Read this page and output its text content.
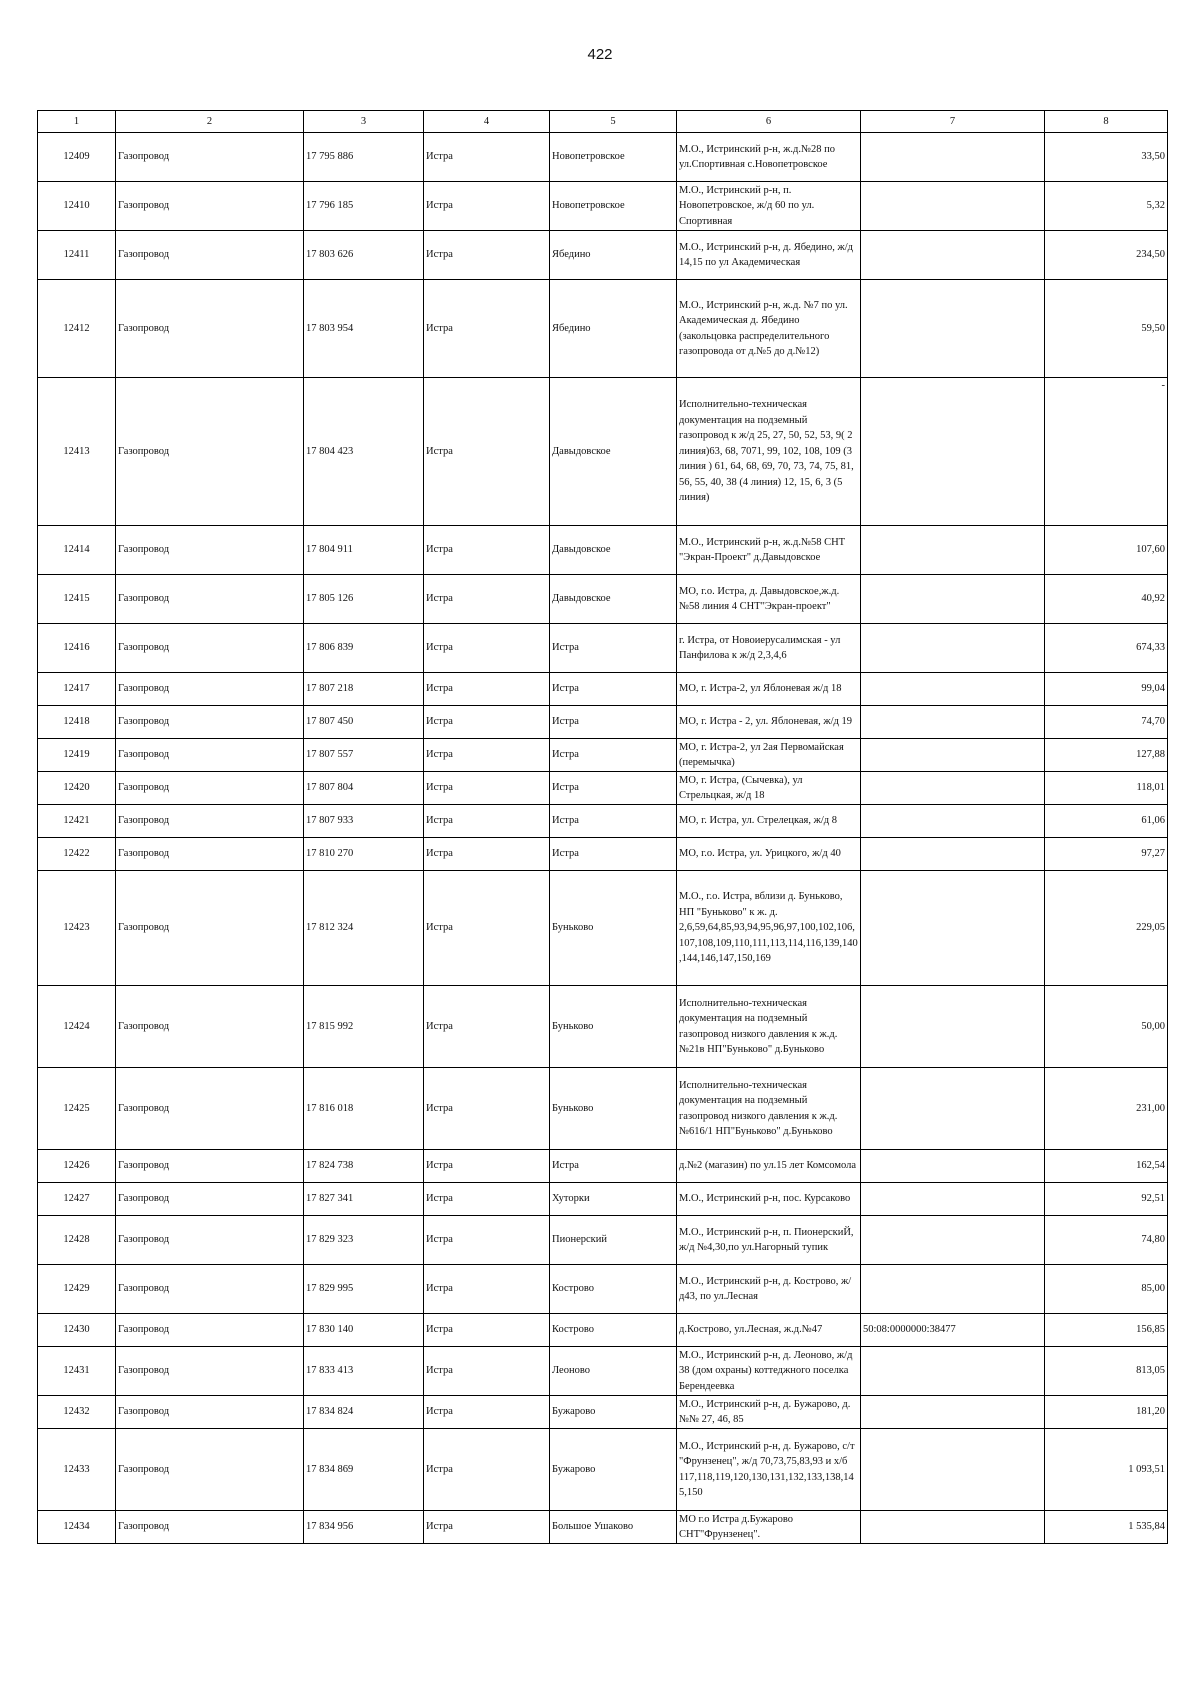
422
1	2	3	4	5	6	7	8
12409	Газопровод	17 795 886	Истра	Новопетровское	М.О., Истринский р-н, ж.д.№28 по ул.Спортивная с.Новопетровское		33,50
12410	Газопровод	17 796 185	Истра	Новопетровское	М.О., Истринский р-н, п. Новопетровское, ж/д 60 по ул. Спортивная		5,32
12411	Газопровод	17 803 626	Истра	Ябедино	М.О., Истринский р-н, д. Ябедино, ж/д 14,15 по ул Академическая		234,50
12412	Газопровод	17 803 954	Истра	Ябедино	М.О., Истринский р-н, ж.д. №7 по ул. Академическая д. Ябедино (закольцовка распределительного газопровода от д.№5 до д.№12)		59,50
12413	Газопровод	17 804 423	Истра	Давыдовское	Исполнительно-техническая документация на подземный газопровод к ж/д 25, 27, 50, 52, 53, 9( 2 линия)63, 68, 7071, 99, 102, 108, 109 (3 линия ) 61, 64, 68, 69, 70, 73, 74, 75, 81, 56, 55, 40, 38 (4 линия) 12, 15, 6, 3 (5 линия)		-
12414	Газопровод	17 804 911	Истра	Давыдовское	М.О., Истринский р-н, ж.д.№58 СНТ "Экран-Проект" д.Давыдовское		107,60
12415	Газопровод	17 805 126	Истра	Давыдовское	МО, г.о. Истра, д. Давыдовское,ж.д.№58 линия 4 СНТ"Экран-проект"		40,92
12416	Газопровод	17 806 839	Истра	Истра	г. Истра, от Новоиерусалимская - ул Панфилова к ж/д 2,3,4,6		674,33
12417	Газопровод	17 807 218	Истра	Истра	МО, г. Истра-2, ул Яблоневая ж/д 18		99,04
12418	Газопровод	17 807 450	Истра	Истра	МО, г. Истра - 2, ул. Яблоневая, ж/д 19		74,70
12419	Газопровод	17 807 557	Истра	Истра	МО, г. Истра-2, ул 2ая Первомайская (перемычка)		127,88
12420	Газопровод	17 807 804	Истра	Истра	МО, г. Истра, (Сычевка), ул Стрельцкая, ж/д 18		118,01
12421	Газопровод	17 807 933	Истра	Истра	МО, г. Истра, ул. Стрелецкая, ж/д 8		61,06
12422	Газопровод	17 810 270	Истра	Истра	МО, г.о. Истра, ул. Урицкого, ж/д 40		97,27
12423	Газопровод	17 812 324	Истра	Буньково	М.О., г.о. Истра, вблизи д. Буньково, НП "Буньково" к ж. д. 2,6,59,64,85,93,94,95,96,97,100,102,106,107,108,109,110,111,113,114,116,139,140,144,146,147,150,169		229,05
12424	Газопровод	17 815 992	Истра	Буньково	Исполнительно-техническая документация на подземный газопровод низкого давления к ж.д.№21в НП"Буньково" д.Буньково		50,00
12425	Газопровод	17 816 018	Истра	Буньково	Исполнительно-техническая документация на подземный газопровод низкого давления к ж.д.№616/1 НП"Буньково" д.Буньково		231,00
12426	Газопровод	17 824 738	Истра	Истра	д.№2 (магазин) по ул.15 лет Комсомола		162,54
12427	Газопровод	17 827 341	Истра	Хуторки	М.О., Истринский р-н, пос. Курсаково		92,51
12428	Газопровод	17 829 323	Истра	Пионерский	М.О., Истринский р-н, п. ПионерскиЙ, ж/д №4,30,по ул.Нагорный тупик		74,80
12429	Газопровод	17 829 995	Истра	Кострово	М.О., Истринский р-н, д. Кострово, ж/д43, по ул.Лесная		85,00
12430	Газопровод	17 830 140	Истра	Кострово	д.Кострово, ул.Лесная, ж.д.№47	50:08:0000000:38477	156,85
12431	Газопровод	17 833 413	Истра	Леоново	М.О., Истринский р-н, д. Леоново, ж/д 38 (дом охраны) коттеджного поселка Берендеевка		813,05
12432	Газопровод	17 834 824	Истра	Бужарово	М.О., Истринский р-н, д. Бужарово, д. №№ 27, 46, 85		181,20
12433	Газопровод	17 834 869	Истра	Бужарово	М.О., Истринский р-н, д. Бужарово, с/т "Фрунзенец", ж/д 70,73,75,83,93 и х/б 117,118,119,120,130,131,132,133,138,145,150		1 093,51
12434	Газопровод	17 834 956	Истра	Большое Ушаково	МО г.о Истра д.Бужарово СНТ"Фрунзенец".		1 535,84
